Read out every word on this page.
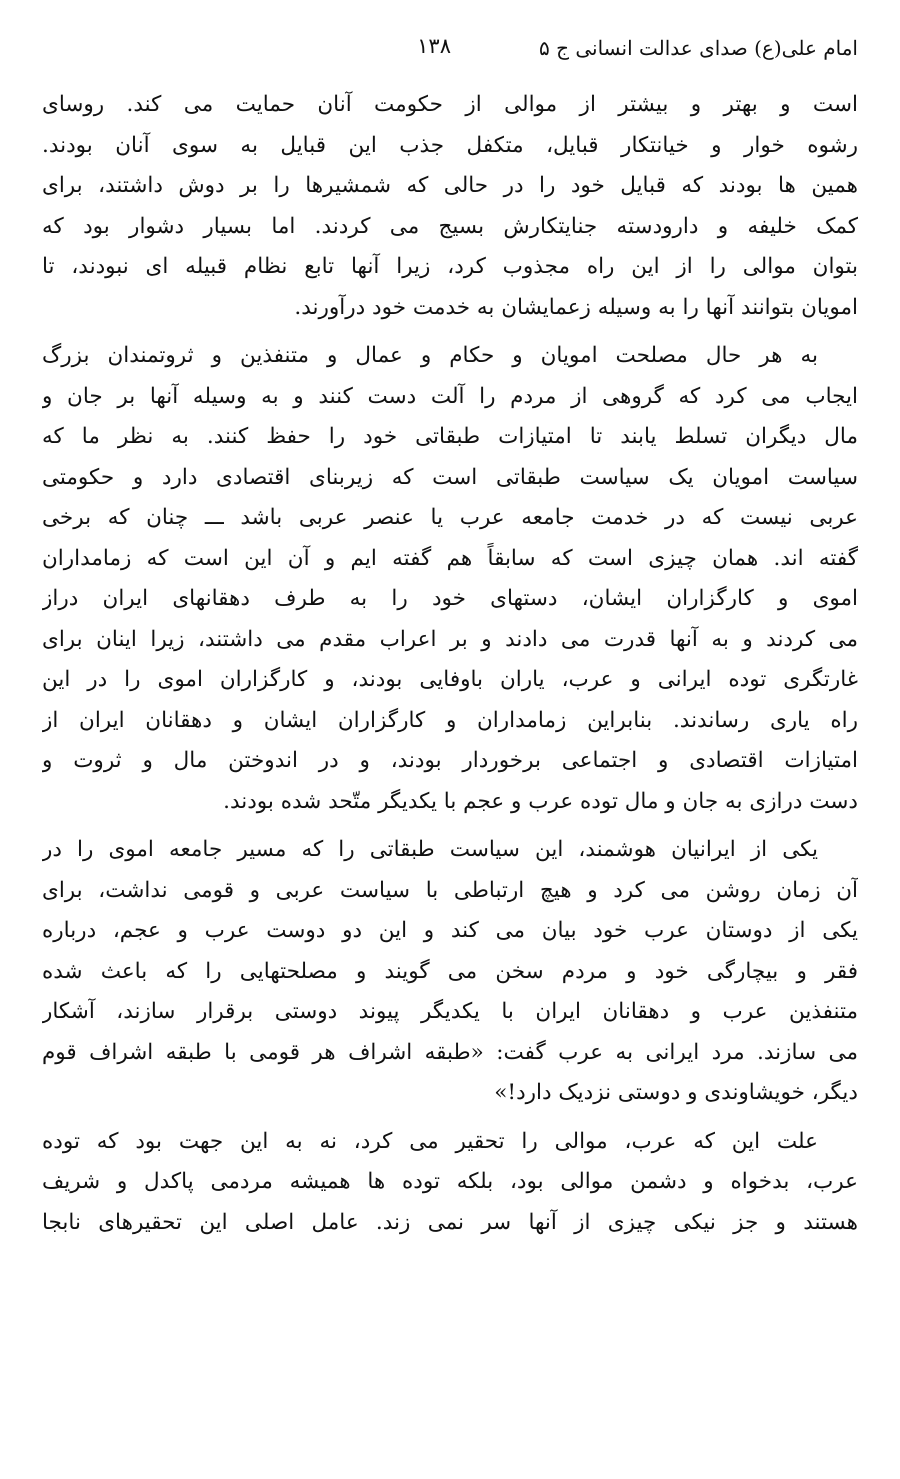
امام علی(ع) صدای عدالت انسانی ج ۵
۱۳۸
است و بهتر و بیشتر از موالی از حکومت آنان حمایت می کند. روسای
رشوه خوار و خیانتکار قبایل، متکفل جذب این قبایل به سوی آنان بودند.
همین ها بودند که قبایل خود را در حالی که شمشیرها را بر دوش داشتند، برای
کمک خلیفه و دارودسته جنایتکارش بسیج می کردند. اما بسیار دشوار بود که
بتوان موالی را از این راه مجذوب کرد، زیرا آنها تابع نظام قبیله ای نبودند، تا
امویان بتوانند آنها را به وسیله زعمایشان به خدمت خود درآورند.
به هر حال مصلحت امویان و حکام و عمال و متنفذین و ثروتمندان بزرگ
ایجاب می کرد که گروهی از مردم را آلت دست کنند و به وسیله آنها بر جان و
مال دیگران تسلط یابند تا امتیازات طبقاتی خود را حفظ کنند. به نظر ما که
سیاست امویان یک سیاست طبقاتی است که زیربنای اقتصادی دارد و حکومتی
عربی نیست که در خدمت جامعه عرب یا عنصر عربی باشد ـــ چنان که برخی
گفته اند. همان چیزی است که سابقاً هم گفته ایم و آن این است که زمامداران
اموی و کارگزاران ایشان، دستهای خود را به طرف دهقانهای ایران دراز
می کردند و به آنها قدرت می دادند و بر اعراب مقدم می داشتند، زیرا اینان برای
غارتگری توده ایرانی و عرب، یاران باوفایی بودند، و کارگزاران اموی را در این
راه یاری رساندند. بنابراین زمامداران و کارگزاران ایشان و دهقانان ایران از
امتیازات اقتصادی و اجتماعی برخوردار بودند، و در اندوختن مال و ثروت و
دست درازی به جان و مال توده عرب و عجم با یکدیگر متّحد شده بودند.
یکی از ایرانیان هوشمند، این سیاست طبقاتی را که مسیر جامعه اموی را در
آن زمان روشن می کرد و هیچ ارتباطی با سیاست عربی و قومی نداشت، برای
یکی از دوستان عرب خود بیان می کند و این دو دوست عرب و عجم، درباره
فقر و بیچارگی خود و مردم سخن می گویند و مصلحتهایی را که باعث شده
متنفذین عرب و دهقانان ایران با یکدیگر پیوند دوستی برقرار سازند، آشکار
می سازند. مرد ایرانی به عرب گفت: «طبقه اشراف هر قومی با طبقه اشراف قوم
دیگر، خویشاوندی و دوستی نزدیک دارد!»
علت این که عرب، موالی را تحقیر می کرد، نه به این جهت بود که توده
عرب، بدخواه و دشمن موالی بود، بلکه توده ها همیشه مردمی پاکدل و شریف
هستند و جز نیکی چیزی از آنها سر نمی زند. عامل اصلی این تحقیرهای نابجا
